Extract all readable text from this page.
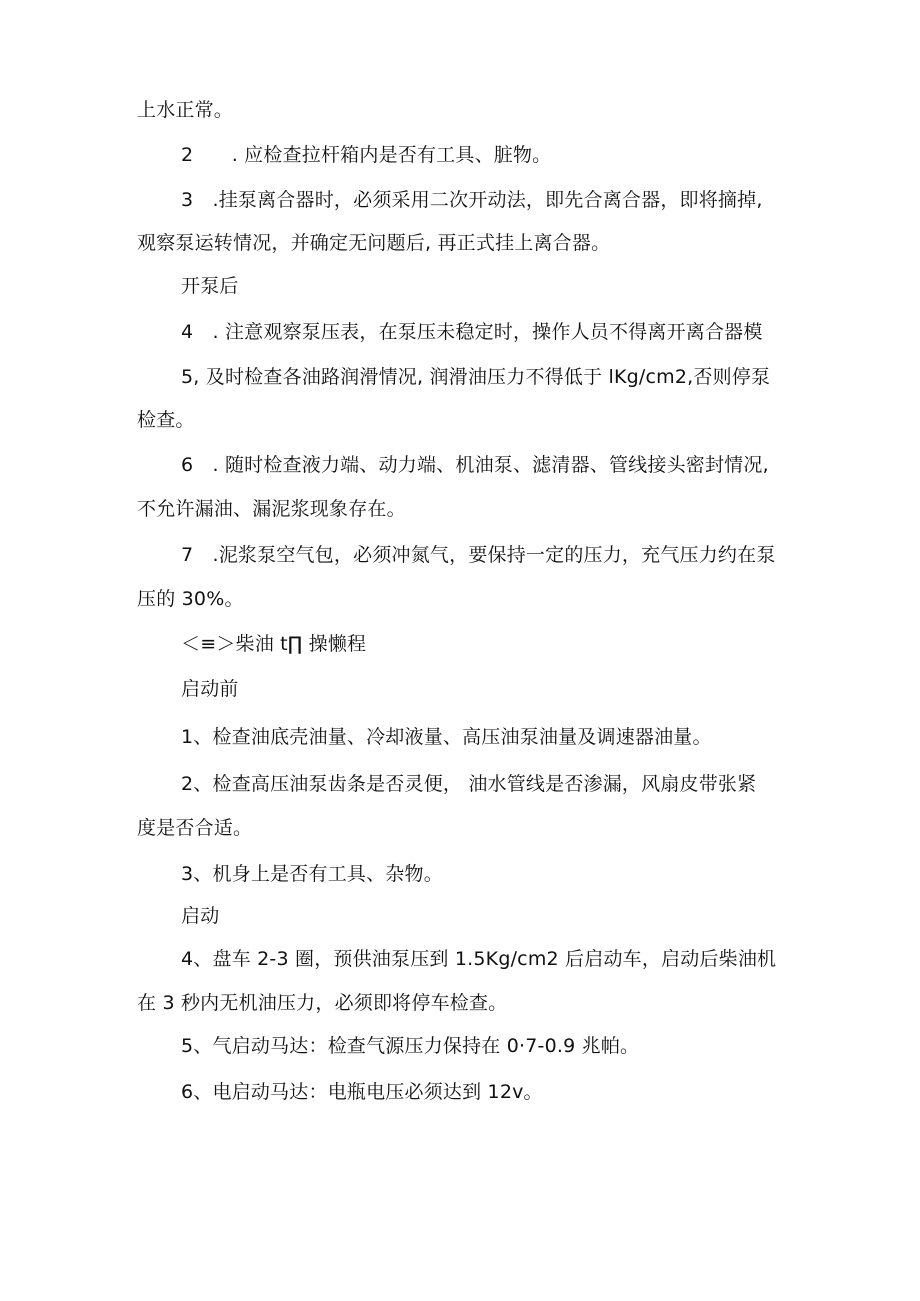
上水正常。
2　　. 应检查拉杆箱内是否有工具、脏物。
3　.挂泵离合器时，必须采用二次开动法，即先合离合器，即将摘掉,
观察泵运转情况，并确定无问题后, 再正式挂上离合器。
开泵后
4　. 注意观察泵压表，在泵压未稳定时，操作人员不得离开离合器模
5, 及时检查各油路润滑情况, 润滑油压力不得低于 lKg∕cm2,否则停泵
检查。
6　. 随时检查液力端、动力端、机油泵、滤清器、管线接头密封情况,
不允许漏油、漏泥浆现象存在。
7　.泥浆泵空气包，必须冲氮气，要保持一定的压力，充气压力约在泵
压的 30%。
＜≡＞柴油 t∏ 操懒程
启动前
1、检查油底壳油量、冷却液量、高压油泵油量及调速器油量。
2、检查高压油泵齿条是否灵便， 油水管线是否渗漏，风扇皮带张紧
度是否合适。
3、机身上是否有工具、杂物。
启动
4、盘车 2-3 圈，预供油泵压到 1.5Kg∕cm2 后启动车，启动后柴油机
在 3 秒内无机油压力，必须即将停车检查。
5、气启动马达：检查气源压力保持在 0·7-0.9 兆帕。
6、电启动马达：电瓶电压必须达到 12v。
